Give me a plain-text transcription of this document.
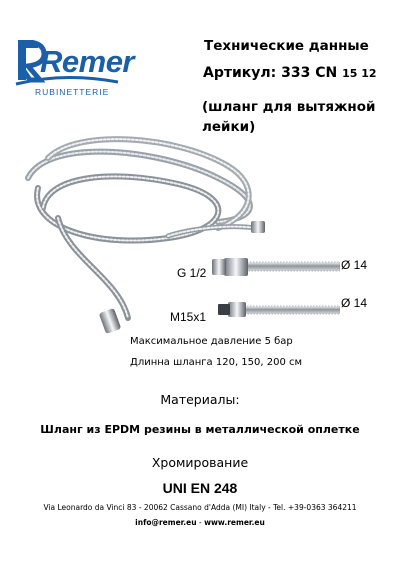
Remer
RUBINETTERIE
Технические данные
Артикул: 333 CN 15 12
(шланг для вытяжной лейки)
G 1/2
M15x1
Ø 14
Ø 14
Максимальное давление 5 бар
Длинна шланга 120, 150, 200 см
Материалы:
Шланг из EPDM резины в металлической оплетке
Хромирование
UNI EN 248
Via Leonardo da Vinci 83 - 20062 Cassano d'Adda (MI) Italy - Tel. +39-0363 364211
info@remer.eu - www.remer.eu
